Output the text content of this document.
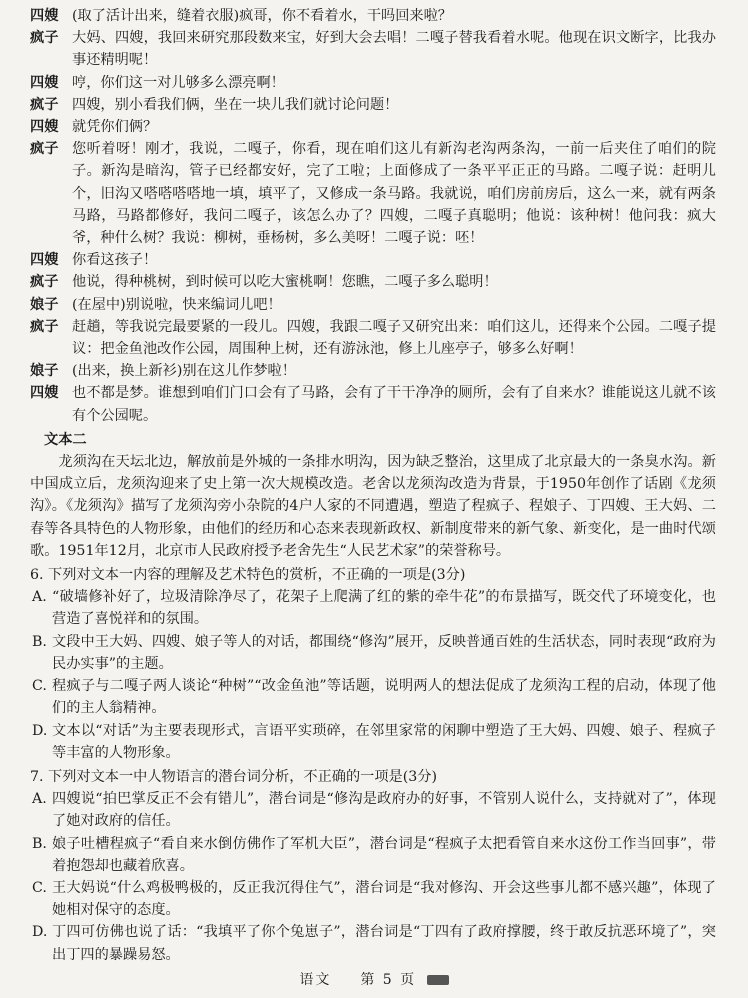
四嫂 (取了活计出来，缝着衣服)疯哥，你不看着水，干吗回来啦？
疯子 大妈、四嫂，我回来研究那段数来宝，好到大会去唱！二嘎子替我看着水呢。他现在识文断字，比我办事还精明呢！
四嫂 哼，你们这一对儿够多么漂亮啊！
疯子 四嫂，别小看我们俩，坐在一块儿我们就讨论问题！
四嫂 就凭你们俩？
疯子 您听着呀！刚才，我说，二嘎子，你看，现在咱们这儿有新沟老沟两条沟，一前一后夹住了咱们的院子。新沟是暗沟，管子已经都安好，完了工啦；上面修成了一条平平正正的马路。二嘎子说：赶明儿个，旧沟又嗒嗒嗒嗒地一填，填平了，又修成一条马路。我就说，咱们房前房后，这么一来，就有两条马路，马路都修好，我问二嘎子，该怎么办了？四嫂，二嘎子真聪明；他说：该种树！他问我：疯大爷，种什么树？我说：柳树，垂杨树，多么美呀！二嘎子说：呸！
四嫂 你看这孩子！
疯子 他说，得种桃树，到时候可以吃大蜜桃啊！您瞧，二嘎子多么聪明！
娘子 (在屋中)别说啦，快来编词儿吧！
疯子 赶趟，等我说完最要紧的一段儿。四嫂，我跟二嘎子又研究出来：咱们这儿，还得来个公园。二嘎子提议：把金鱼池改作公园，周围种上树，还有游泳池，修上儿座亭子，够多么好啊！
娘子 (出来，换上新衫)别在这儿作梦啦！
四嫂 也不都是梦。谁想到咱们门口会有了马路，会有了干干净净的厕所，会有了自来水？谁能说这儿就不该有个公园呢。
文本二
龙须沟在天坛北边，解放前是外城的一条排水明沟，因为缺乏整治，这里成了北京最大的一条臭水沟。新中国成立后，龙须沟迎来了史上第一次大规模改造。老舍以龙须沟改造为背景，于1950年创作了话剧《龙须沟》。《龙须沟》描写了龙须沟旁小杂院的4户人家的不同遭遇，塑造了程疯子、程娘子、丁四嫂、王大妈、二春等各具特色的人物形象，由他们的经历和心态来表现新政权、新制度带来的新气象、新变化，是一曲时代颂歌。1951年12月，北京市人民政府授予老舍先生“人民艺术家”的荣誉称号。
6. 下列对文本一内容的理解及艺术特色的赏析，不正确的一项是(3分)
A. “破墙修补好了，垃圾清除净尽了，花架子上爬满了红的紫的牵牛花”的布景描写，既交代了环境变化，也营造了喜悦祥和的氛围。
B. 文段中王大妈、四嫂、娘子等人的对话，都围绕“修沟”展开，反映普通百姓的生活状态，同时表现“政府为民办实事”的主题。
C. 程疯子与二嘎子两人谈论“种树”“改金鱼池”等话题，说明两人的想法促成了龙须沟工程的启动，体现了他们的主人翁精神。
D. 文本以“对话”为主要表现形式，言语平实琐碎，在邻里家常的闲聊中塑造了王大妈、四嫂、娘子、程疯子等丰富的人物形象。
7. 下列对文本一中人物语言的潜台词分析，不正确的一项是(3分)
A. 四嫂说“拍巴掌反正不会有错儿”，潜台词是“修沟是政府办的好事，不管别人说什么，支持就对了”，体现了她对政府的信任。
B. 娘子吐槽程疯子“看自来水倒仿佛作了军机大臣”，潜台词是“程疯子太把看管自来水这份工作当回事”，带着抱怨却也藏着欣喜。
C. 王大妈说“什么鸡极鸭极的，反正我沉得住气”，潜台词是“我对修沟、开会这些事儿都不感兴趣”，体现了她相对保守的态度。
D. 丁四可仿佛也说了话：“我填平了你个兔崽子”，潜台词是“丁四有了政府撑腰，终于敢反抗恶环境了”，突出丁四的暴躁易怒。
语文   第 5 页
